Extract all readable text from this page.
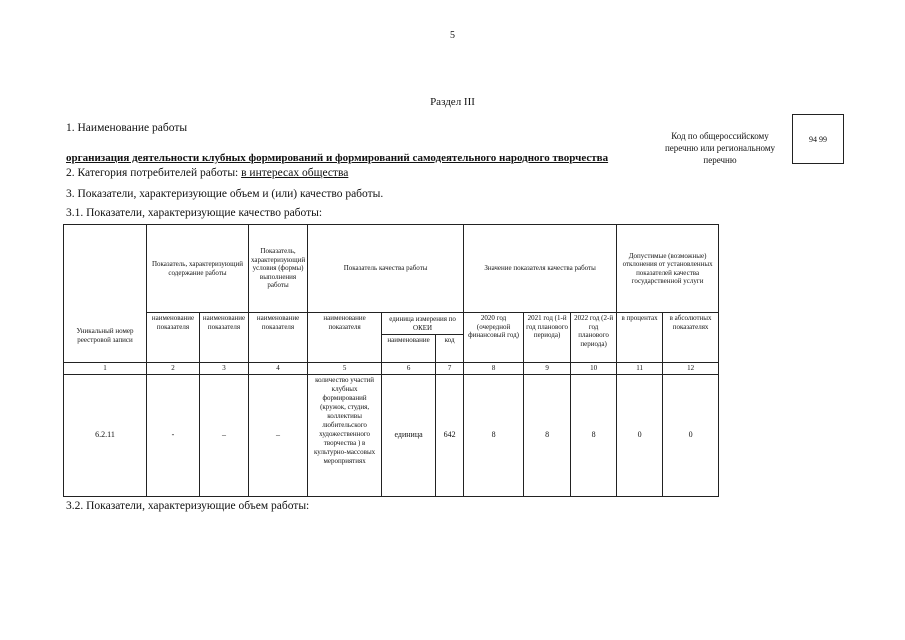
5
Раздел III
1. Наименование работы
организация деятельности клубных формирований и формирований самодеятельного народного творчества
2. Категория потребителей работы: в интересах общества
3. Показатели, характеризующие объем и (или) качество работы.
3.1. Показатели, характеризующие качество работы:
Код по общероссийскому перечню или региональному перечню
94 99
Уникальный номер реестровой записи	Показатель, характеризующий содержание работы		Показатель, характеризующий условия (формы) выполнения работы	Показатель качества работы			Значение показателя качества работы			Допустимые (возможные) отклонения от установленных показателей качества государственной услуги	
	наименование показателя	наименование показателя	наименование показателя	наименование показателя	единица измерения по ОКЕИ		2020 год (очередной финансовый год)	2021 год (1-й год планового периода)	2022 год (2-й год планового периода)	в процентах	в абсолютных показателях
					наименование	код					
1	2	3	4	5	6	7	8	9	10	11	12
6.2.11	-	–	–	количество участий клубных формирований (кружок, студия, коллективы любительского художественного творчества ) в культурно-массовых мероприятиях	единица	642	8	8	8	0	0
3.2. Показатели, характеризующие объем работы:
